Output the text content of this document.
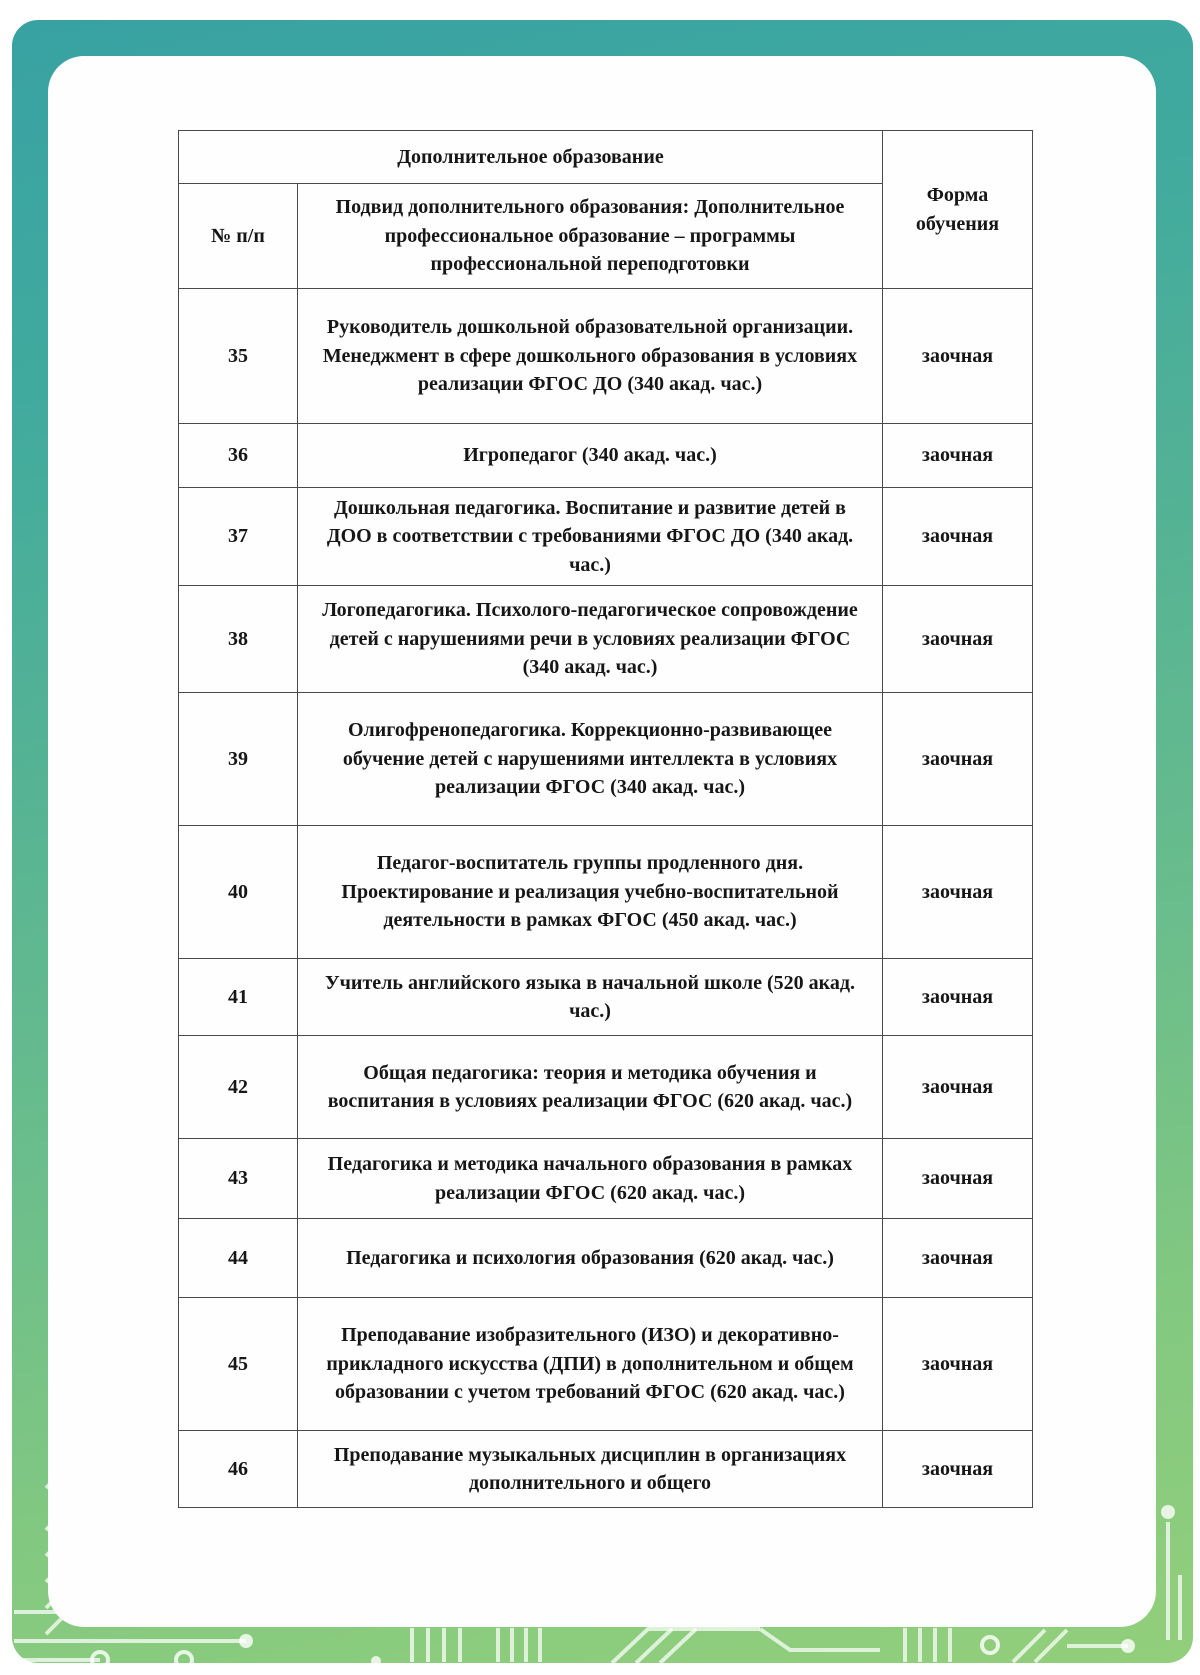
Дополнительное образование		Форма обучения
№ п/п	Подвид дополнительного образования: Дополнительное профессиональное образование – программы профессиональной переподготовки	
35	Руководитель дошкольной образовательной организации. Менеджмент в сфере дошкольного образования в условиях реализации ФГОС ДО (340 акад. час.)	заочная
36	Игропедагог (340 акад. час.)	заочная
37	Дошкольная педагогика. Воспитание и развитие детей в ДОО в соответствии с требованиями ФГОС ДО (340 акад. час.)	заочная
38	Логопедагогика. Психолого-педагогическое сопровождение детей с нарушениями речи в условиях реализации ФГОС (340 акад. час.)	заочная
39	Олигофренопедагогика. Коррекционно-развивающее обучение детей с нарушениями интеллекта в условиях реализации ФГОС (340 акад. час.)	заочная
40	Педагог-воспитатель группы продленного дня. Проектирование и реализация учебно-воспитательной деятельности в рамках ФГОС (450 акад. час.)	заочная
41	Учитель английского языка в начальной школе (520 акад. час.)	заочная
42	Общая педагогика: теория и методика обучения и воспитания в условиях реализации ФГОС (620 акад. час.)	заочная
43	Педагогика и методика начального образования в рамках реализации ФГОС (620 акад. час.)	заочная
44	Педагогика и психология образования (620 акад. час.)	заочная
45	Преподавание изобразительного (ИЗО) и декоративно-прикладного искусства (ДПИ) в дополнительном и общем образовании с учетом требований ФГОС (620 акад. час.)	заочная
46	Преподавание музыкальных дисциплин в организациях дополнительного и общего	заочная
